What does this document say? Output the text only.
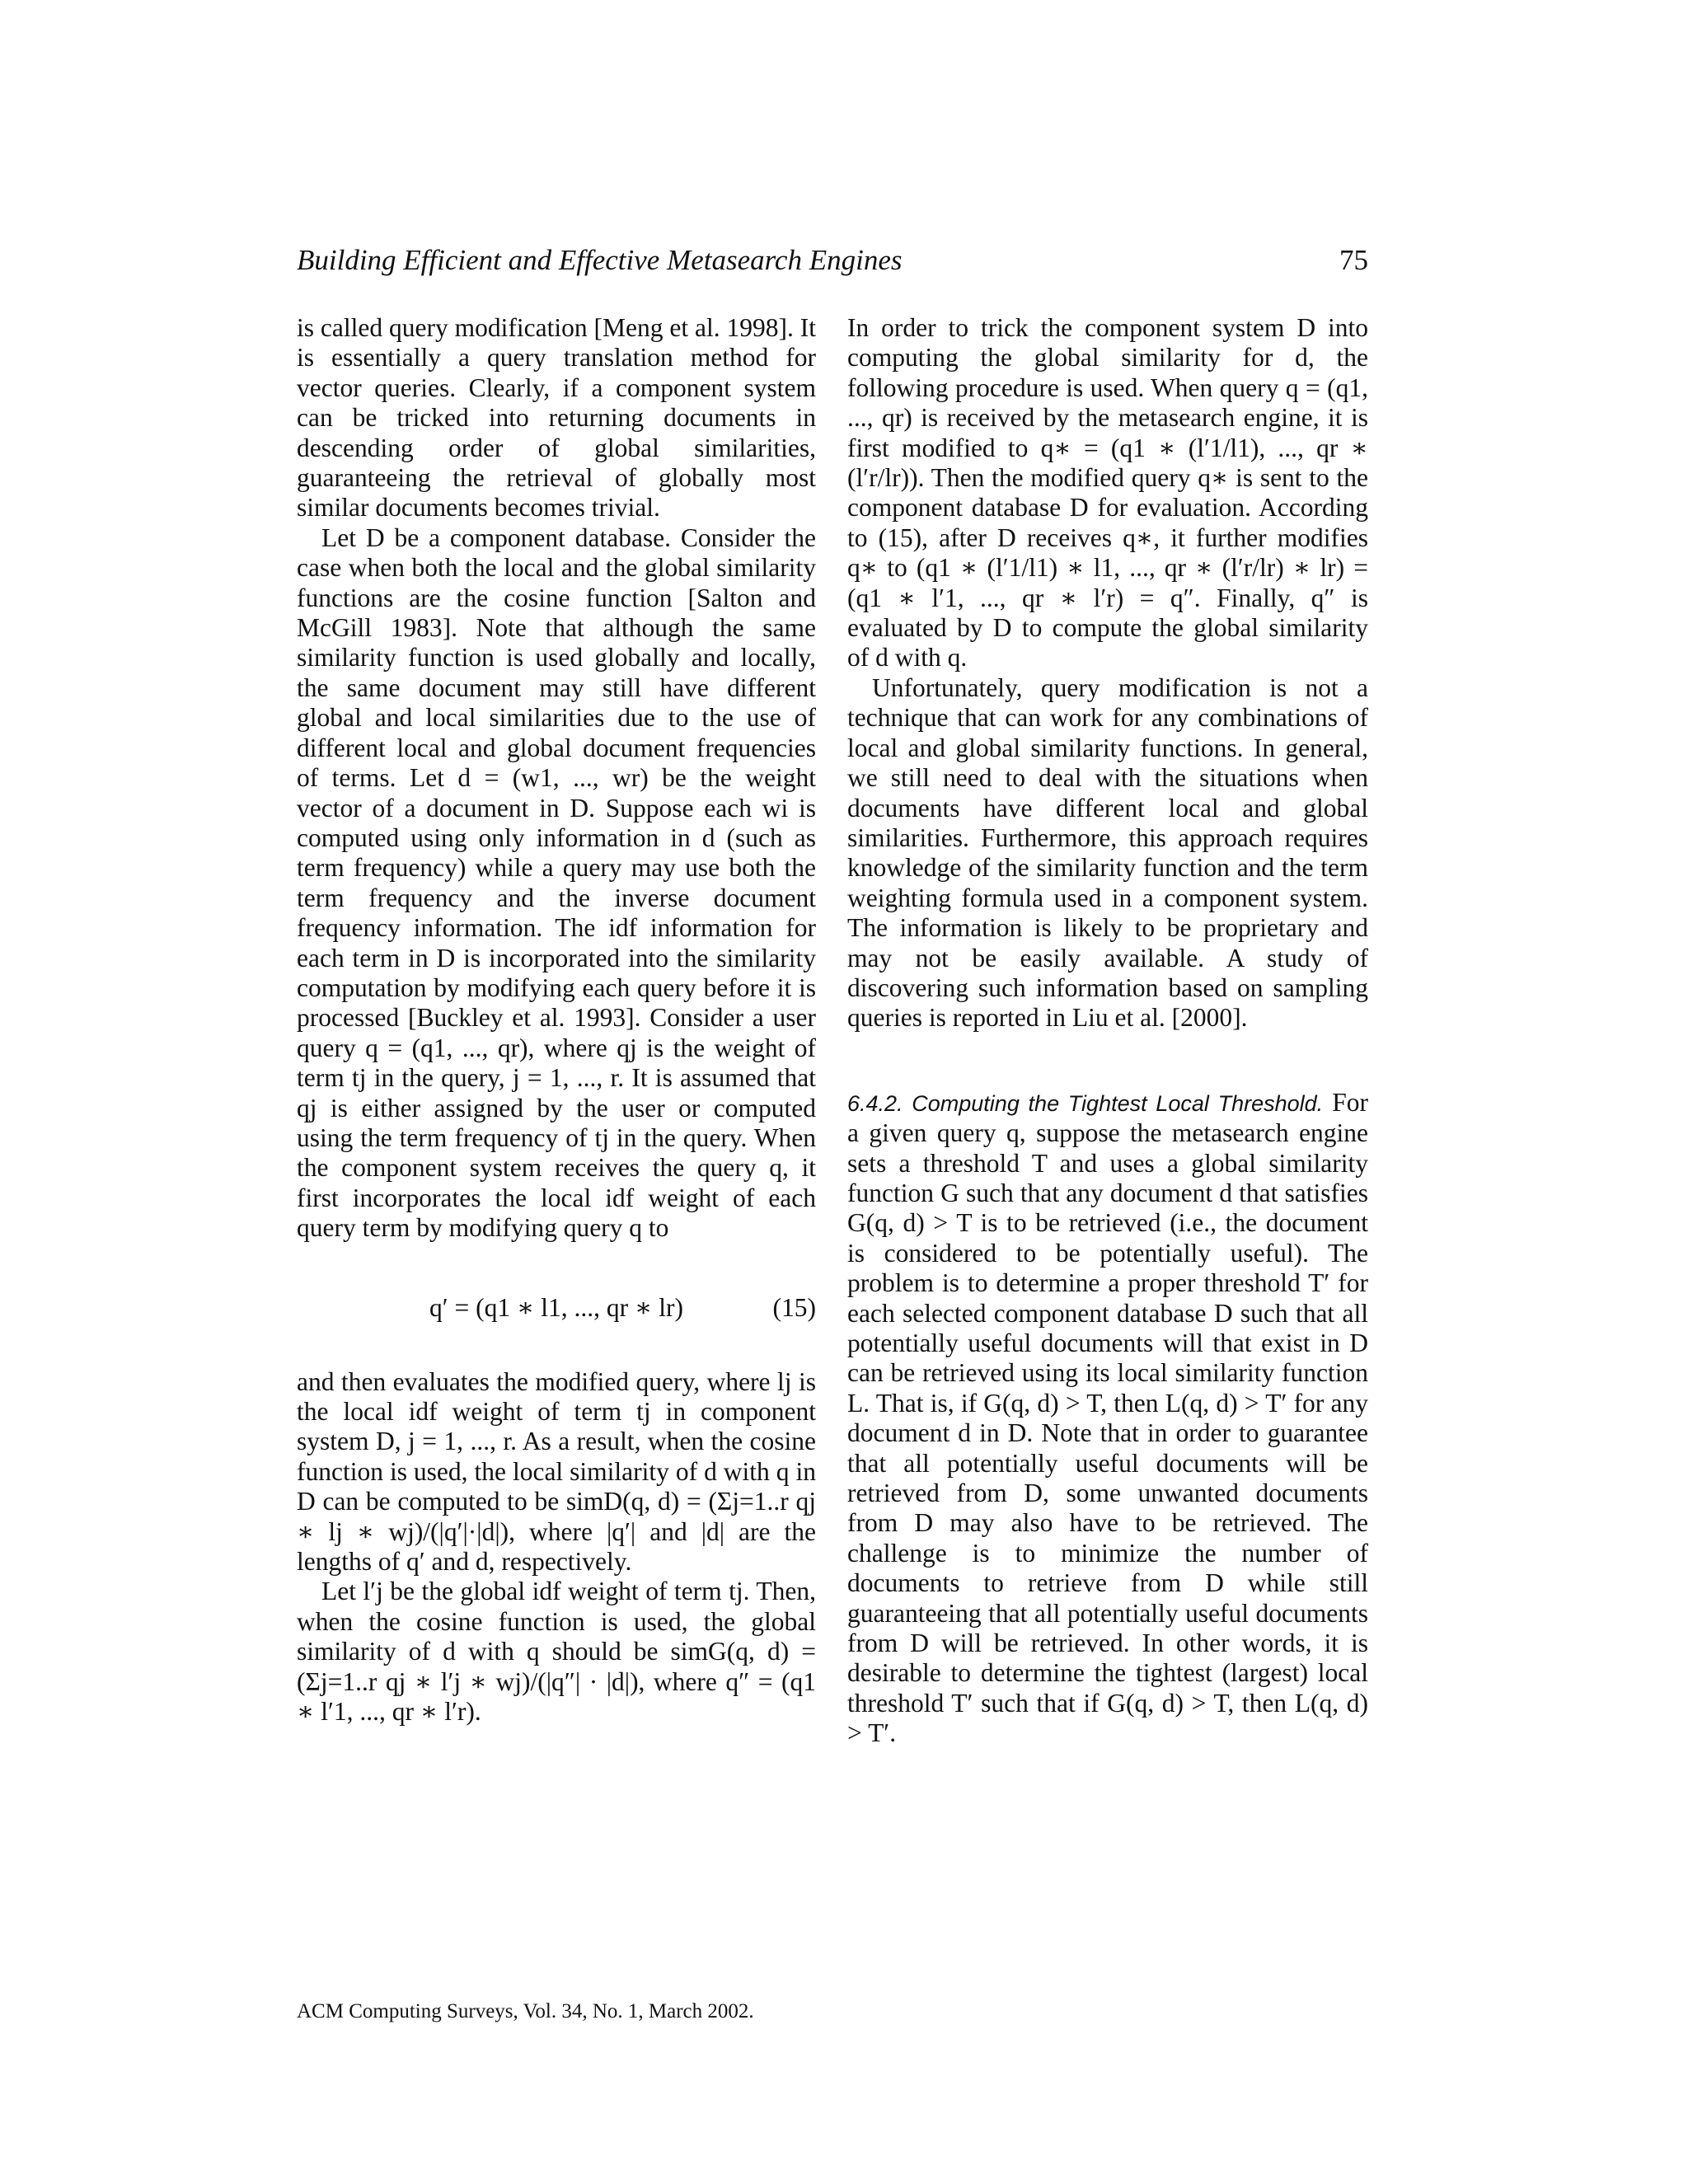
Building Efficient and Effective Metasearch Engines	75

is called query modification [Meng et al. 1998]. It is essentially a query translation method for vector queries. Clearly, if a component system can be tricked into returning documents in descending order of global similarities, guaranteeing the retrieval of globally most similar documents becomes trivial.

Let D be a component database. Consider the case when both the local and the global similarity functions are the cosine function [Salton and McGill 1983]. Note that although the same similarity function is used globally and locally, the same document may still have different global and local similarities due to the use of different local and global document frequencies of terms. Let d = (w1, ..., wr) be the weight vector of a document in D. Suppose each wi is computed using only information in d (such as term frequency) while a query may use both the term frequency and the inverse document frequency information. The idf information for each term in D is incorporated into the similarity computation by modifying each query before it is processed [Buckley et al. 1993]. Consider a user query q = (q1, ..., qr), where qj is the weight of term tj in the query, j = 1, ..., r. It is assumed that qj is either assigned by the user or computed using the term frequency of tj in the query. When the component system receives the query q, it first incorporates the local idf weight of each query term by modifying query q to

q′ = (q1 ∗ l1, ..., qr ∗ lr)	(15)

and then evaluates the modified query, where lj is the local idf weight of term tj in component system D, j = 1, ..., r. As a result, when the cosine function is used, the local similarity of d with q in D can be computed to be simD(q, d) = (Σj=1..r qj ∗ lj ∗ wj)/(|q′|·|d|), where |q′| and |d| are the lengths of q′ and d, respectively.

Let l′j be the global idf weight of term tj. Then, when the cosine function is used, the global similarity of d with q should be simG(q, d) = (Σj=1..r qj ∗ l′j ∗ wj)/(|q″| · |d|), where q″ = (q1 ∗ l′1, ..., qr ∗ l′r).

In order to trick the component system D into computing the global similarity for d, the following procedure is used. When query q = (q1, ..., qr) is received by the metasearch engine, it is first modified to q∗ = (q1 ∗ (l′1/l1), ..., qr ∗ (l′r/lr)). Then the modified query q∗ is sent to the component database D for evaluation. According to (15), after D receives q∗, it further modifies q∗ to (q1 ∗ (l′1/l1) ∗ l1, ..., qr ∗ (l′r/lr) ∗ lr) = (q1 ∗ l′1, ..., qr ∗ l′r) = q″. Finally, q″ is evaluated by D to compute the global similarity of d with q.

Unfortunately, query modification is not a technique that can work for any combinations of local and global similarity functions. In general, we still need to deal with the situations when documents have different local and global similarities. Furthermore, this approach requires knowledge of the similarity function and the term weighting formula used in a component system. The information is likely to be proprietary and may not be easily available. A study of discovering such information based on sampling queries is reported in Liu et al. [2000].

6.4.2. Computing the Tightest Local Threshold. For a given query q, suppose the metasearch engine sets a threshold T and uses a global similarity function G such that any document d that satisfies G(q, d) > T is to be retrieved (i.e., the document is considered to be potentially useful). The problem is to determine a proper threshold T′ for each selected component database D such that all potentially useful documents will that exist in D can be retrieved using its local similarity function L. That is, if G(q, d) > T, then L(q, d) > T′ for any document d in D. Note that in order to guarantee that all potentially useful documents will be retrieved from D, some unwanted documents from D may also have to be retrieved. The challenge is to minimize the number of documents to retrieve from D while still guaranteeing that all potentially useful documents from D will be retrieved. In other words, it is desirable to determine the tightest (largest) local threshold T′ such that if G(q, d) > T, then L(q, d) > T′.

ACM Computing Surveys, Vol. 34, No. 1, March 2002.
